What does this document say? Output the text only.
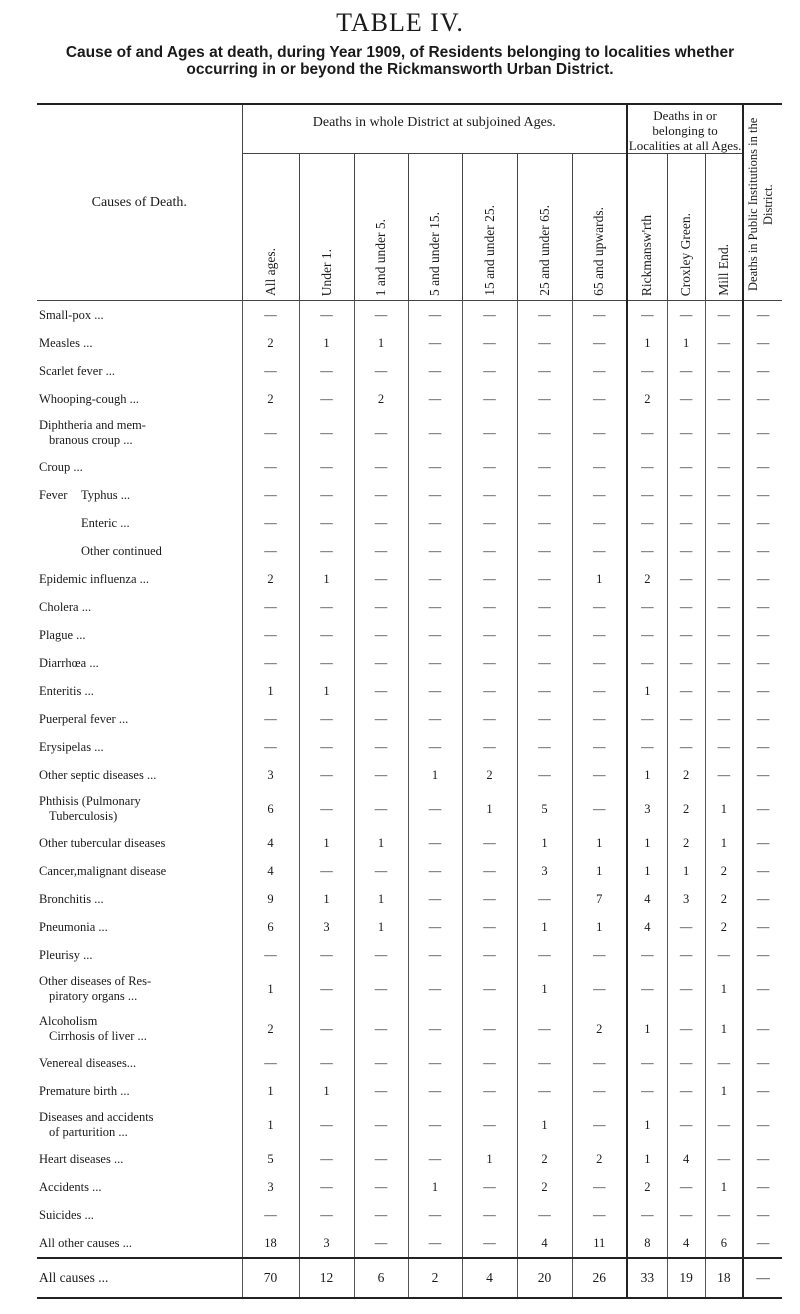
TABLE IV.
Cause of and Ages at death, during Year 1909, of Residents belonging to localities whether occurring in or beyond the Rickmansworth Urban District.
Causes of Death.	Deaths in whole District at subjoined Ages.							Deaths in or belonging to Localities at all Ages.			Deaths in Public Institutions in the District.
	All ages.	Under 1.	1 and under 5.	5 and under 15.	15 and under 25.	25 and under 65.	65 and upwards.	Rickmansw'rth	Croxley Green.	Mill End.	
Small-pox ...	—	—	—	—	—	—	—	—	—	—	—
Measles ...	2	1	1	—	—	—	—	1	1	—	—
Scarlet fever ...	—	—	—	—	—	—	—	—	—	—	—
Whooping-cough ...	2	—	2	—	—	—	—	2	—	—	—
Diphtheria and mem-
branous croup ...	—	—	—	—	—	—	—	—	—	—	—
Croup ...	—	—	—	—	—	—	—	—	—	—	—
Fever Typhus ...	—	—	—	—	—	—	—	—	—	—	—
Enteric ...	—	—	—	—	—	—	—	—	—	—	—
Other continued	—	—	—	—	—	—	—	—	—	—	—
Epidemic influenza ...	2	1	—	—	—	—	1	2	—	—	—
Cholera ...	—	—	—	—	—	—	—	—	—	—	—
Plague ...	—	—	—	—	—	—	—	—	—	—	—
Diarrhœa ...	—	—	—	—	—	—	—	—	—	—	—
Enteritis ...	1	1	—	—	—	—	—	1	—	—	—
Puerperal fever ...	—	—	—	—	—	—	—	—	—	—	—
Erysipelas ...	—	—	—	—	—	—	—	—	—	—	—
Other septic diseases ...	3	—	—	1	2	—	—	1	2	—	—
Phthisis (Pulmonary
Tuberculosis)	6	—	—	—	1	5	—	3	2	1	—
Other tubercular diseases	4	1	1	—	—	1	1	1	2	1	—
Cancer,malignant disease	4	—	—	—	—	3	1	1	1	2	—
Bronchitis ...	9	1	1	—	—	—	7	4	3	2	—
Pneumonia ...	6	3	1	—	—	1	1	4	—	2	—
Pleurisy ...	—	—	—	—	—	—	—	—	—	—	—
Other diseases of Res-
piratory organs ...	1	—	—	—	—	1	—	—	—	1	—
Alcoholism
Cirrhosis of liver ...	2	—	—	—	—	—	2	1	—	1	—
Venereal diseases...	—	—	—	—	—	—	—	—	—	—	—
Premature birth ...	1	1	—	—	—	—	—	—	—	1	—
Diseases and accidents
of parturition ...	1	—	—	—	—	1	—	1	—	—	—
Heart diseases ...	5	—	—	—	1	2	2	1	4	—	—
Accidents ...	3	—	—	1	—	2	—	2	—	1	—
Suicides ...	—	—	—	—	—	—	—	—	—	—	—
All other causes ...	18	3	—	—	—	4	11	8	4	6	—
All causes ...	70	12	6	2	4	20	26	33	19	18	—
